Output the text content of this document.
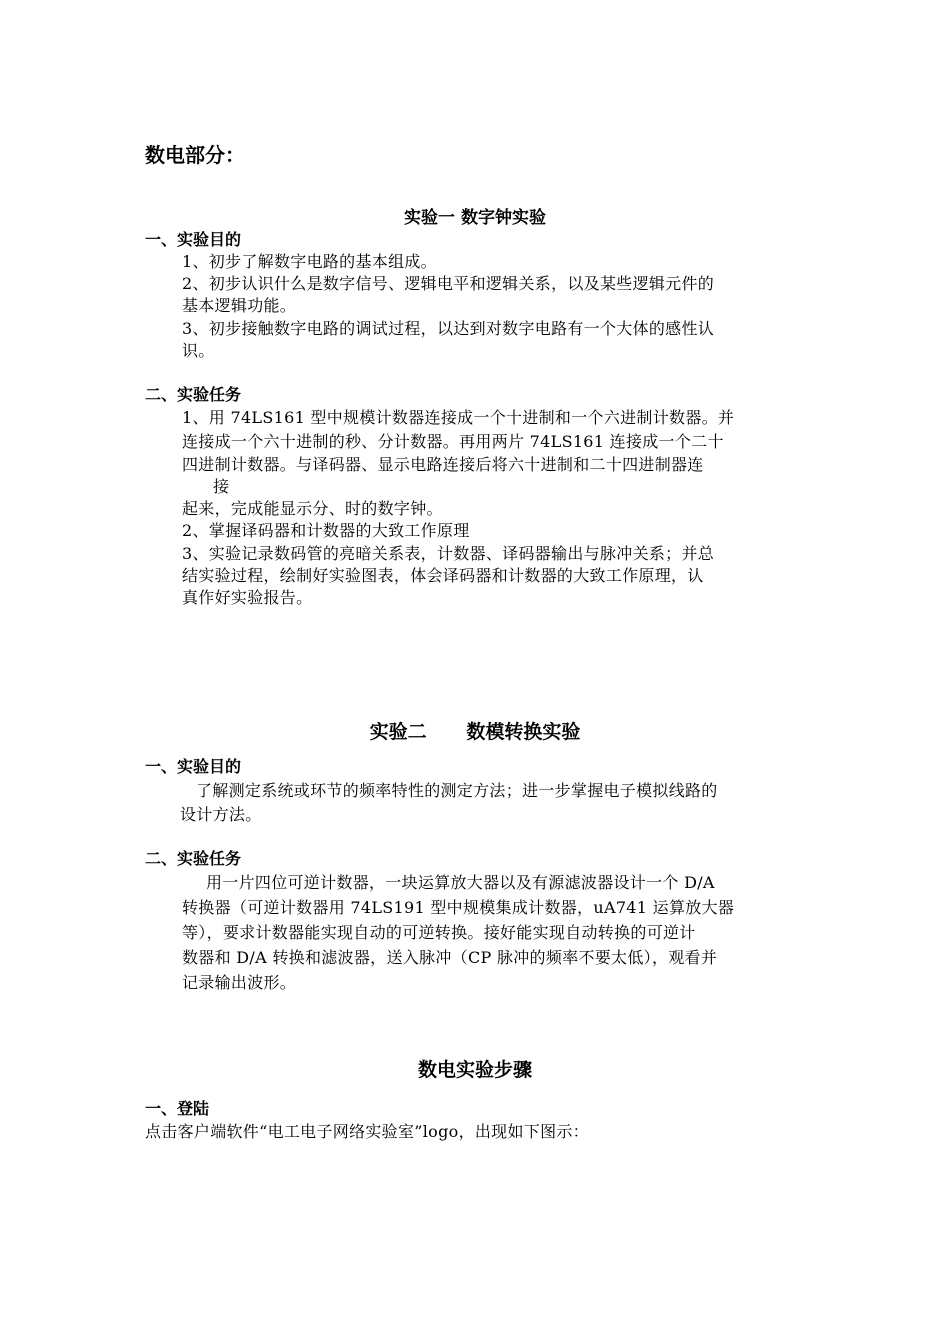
数电部分：
实验一 数字钟实验
一、实验目的
1、初步了解数字电路的基本组成。
2、初步认识什么是数字信号、逻辑电平和逻辑关系，以及某些逻辑元件的
基本逻辑功能。
3、初步接触数字电路的调试过程，以达到对数字电路有一个大体的感性认
识。
二、实验任务
1、用 74LS161 型中规模计数器连接成一个十进制和一个六进制计数器。并
连接成一个六十进制的秒、分计数器。再用两片 74LS161 连接成一个二十
四进制计数器。与译码器、显示电路连接后将六十进制和二十四进制器连
接
起来，完成能显示分、时的数字钟。
2、掌握译码器和计数器的大致工作原理
3、实验记录数码管的亮暗关系表，计数器、译码器输出与脉冲关系；并总
结实验过程，绘制好实验图表，体会译码器和计数器的大致工作原理，认
真作好实验报告。
实验二      数模转换实验
一、实验目的
了解测定系统或环节的频率特性的测定方法；进一步掌握电子模拟线路的
设计方法。
二、实验任务
用一片四位可逆计数器，一块运算放大器以及有源滤波器设计一个 D/A
转换器（可逆计数器用 74LS191 型中规模集成计数器，uA741 运算放大器
等），要求计数器能实现自动的可逆转换。接好能实现自动转换的可逆计
数器和 D/A 转换和滤波器，送入脉冲（CP 脉冲的频率不要太低），观看并
记录输出波形。
数电实验步骤
一、登陆
点击客户端软件“电工电子网络实验室”logo，出现如下图示：
